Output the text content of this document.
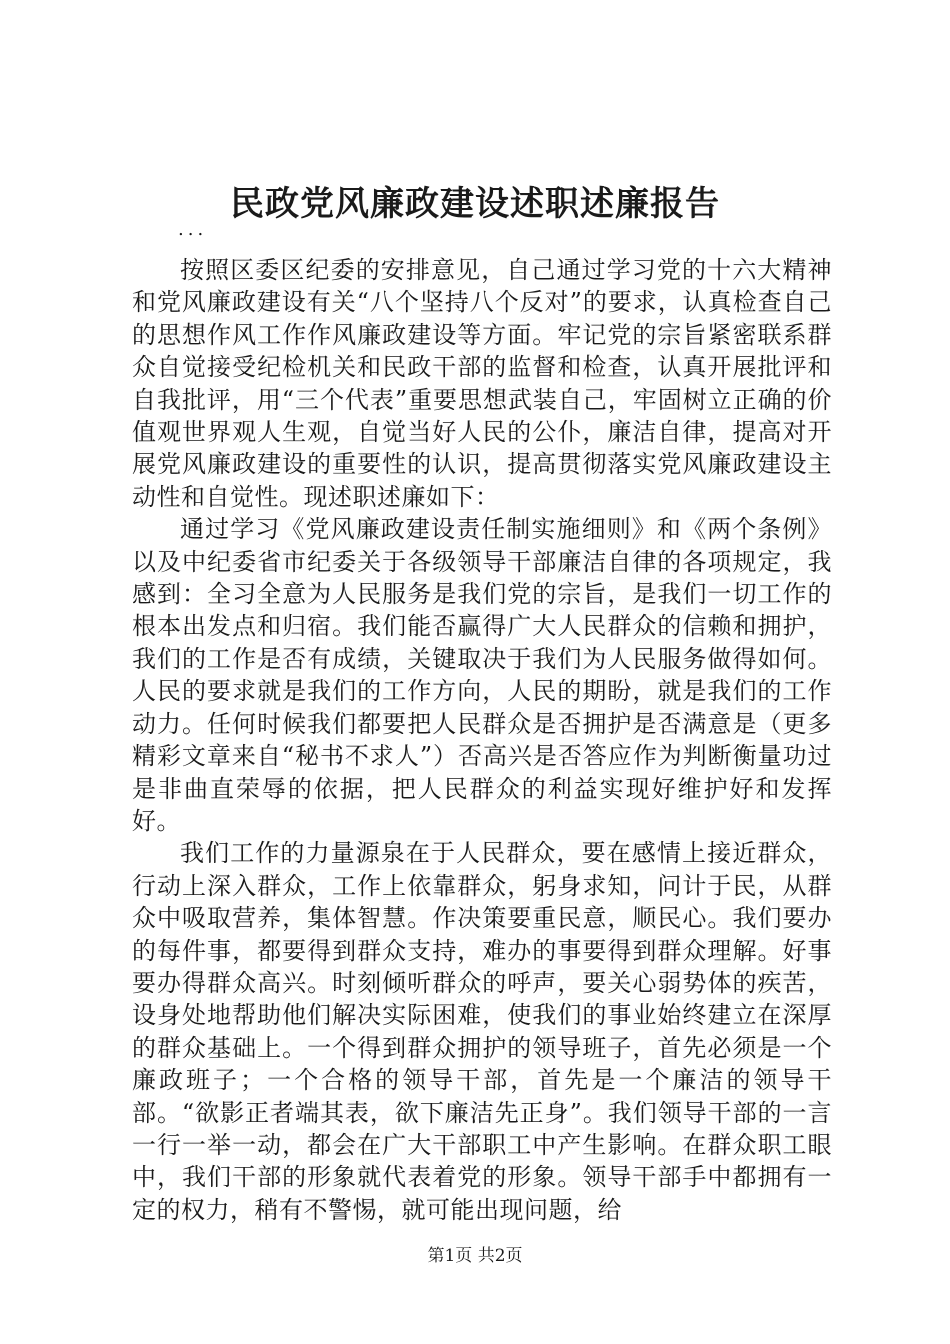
民政党风廉政建设述职述廉报告
...

按照区委区纪委的安排意见，自己通过学习党的十六大精神和党风廉政建设有关“八个坚持八个反对”的要求，认真检查自己的思想作风工作作风廉政建设等方面。牢记党的宗旨紧密联系群众自觉接受纪检机关和民政干部的监督和检查，认真开展批评和自我批评，用“三个代表”重要思想武装自己，牢固树立正确的价值观世界观人生观，自觉当好人民的公仆，廉洁自律，提高对开展党风廉政建设的重要性的认识，提高贯彻落实党风廉政建设主动性和自觉性。现述职述廉如下：

通过学习《党风廉政建设责任制实施细则》和《两个条例》以及中纪委省市纪委关于各级领导干部廉洁自律的各项规定，我感到：全习全意为人民服务是我们党的宗旨，是我们一切工作的根本出发点和归宿。我们能否赢得广大人民群众的信赖和拥护，我们的工作是否有成绩，关键取决于我们为人民服务做得如何。人民的要求就是我们的工作方向，人民的期盼，就是我们的工作动力。任何时候我们都要把人民群众是否拥护是否满意是（更多精彩文章来自“秘书不求人”）否高兴是否答应作为判断衡量功过是非曲直荣辱的依据，把人民群众的利益实现好维护好和发挥好。

我们工作的力量源泉在于人民群众，要在感情上接近群众，行动上深入群众，工作上依靠群众，躬身求知，问计于民，从群众中吸取营养，集体智慧。作决策要重民意，顺民心。我们要办的每件事，都要得到群众支持，难办的事要得到群众理解。好事要办得群众高兴。时刻倾听群众的呼声，要关心弱势体的疾苦，设身处地帮助他们解决实际困难，使我们的事业始终建立在深厚的群众基础上。一个得到群众拥护的领导班子，首先必须是一个廉政班子；一个合格的领导干部，首先是一个廉洁的领导干部。“欲影正者端其表，欲下廉洁先正身”。我们领导干部的一言一行一举一动，都会在广大干部职工中产生影响。在群众职工眼中，我们干部的形象就代表着党的形象。领导干部手中都拥有一定的权力，稍有不警惕，就可能出现问题，给

第1页 共2页
